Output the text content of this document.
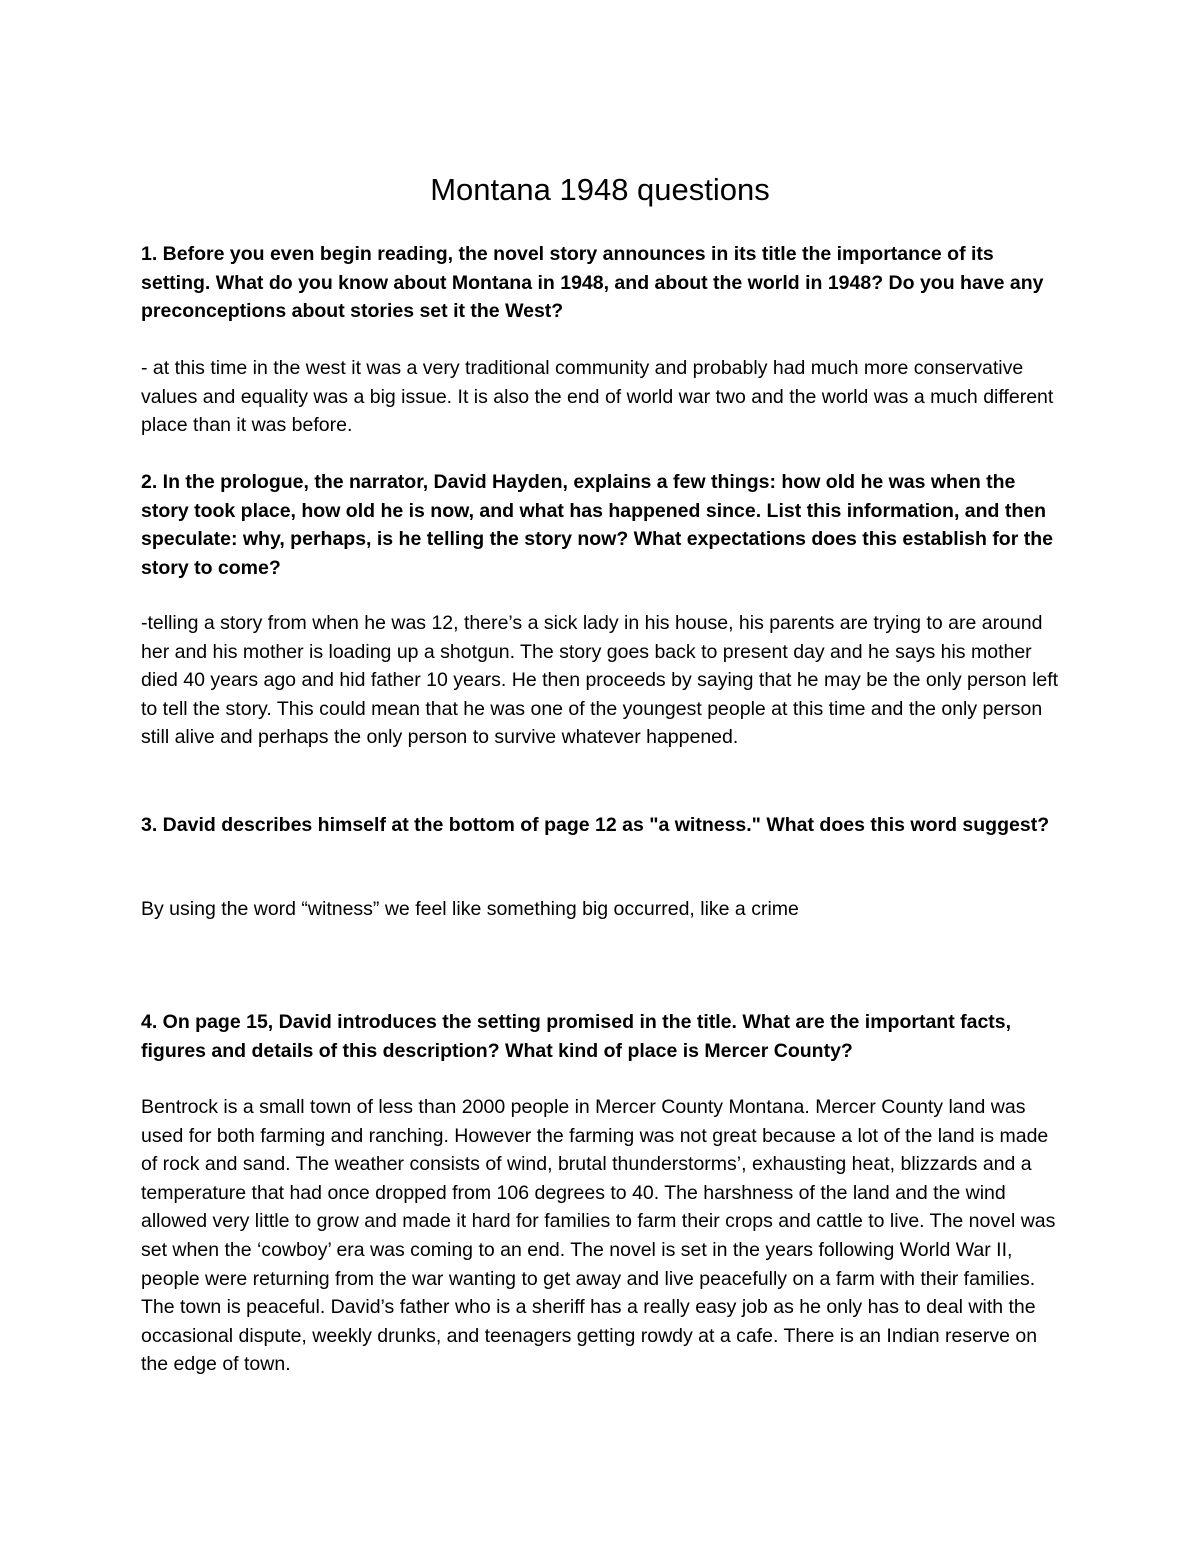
Montana 1948 questions

1. Before you even begin reading, the novel story announces in its title the importance of its setting. What do you know about Montana in 1948, and about the world in 1948? Do you have any preconceptions about stories set it the West?

- at this time in the west it was a very traditional community and probably had much more conservative values and equality was a big issue. It is also the end of world war two and the world was a much different place than it was before.

2. In the prologue, the narrator, David Hayden, explains a few things: how old he was when the story took place, how old he is now, and what has happened since. List this information, and then speculate: why, perhaps, is he telling the story now? What expectations does this establish for the story to come?

-telling a story from when he was 12, there’s a sick lady in his house, his parents are trying to are around her and his mother is loading up a shotgun. The story goes back to present day and he says his mother died 40 years ago and hid father 10 years. He then proceeds by saying that he may be the only person left to tell the story. This could mean that he was one of the youngest people at this time and the only person still alive and perhaps the only person to survive whatever happened.

3. David describes himself at the bottom of page 12 as "a witness." What does this word suggest?

By using the word “witness” we feel like something big occurred, like a crime

4. On page 15, David introduces the setting promised in the title. What are the important facts, figures and details of this description? What kind of place is Mercer County?

Bentrock is a small town of less than 2000 people in Mercer County Montana. Mercer County land was used for both farming and ranching. However the farming was not great because a lot of the land is made of rock and sand. The weather consists of wind, brutal thunderstorms’, exhausting heat, blizzards and a temperature that had once dropped from 106 degrees to 40. The harshness of the land and the wind allowed very little to grow and made it hard for families to farm their crops and cattle to live. The novel was set when the ‘cowboy’ era was coming to an end. The novel is set in the years following World War II, people were returning from the war wanting to get away and live peacefully on a farm with their families. The town is peaceful. David’s father who is a sheriff has a really easy job as he only has to deal with the occasional dispute, weekly drunks, and teenagers getting rowdy at a cafe. There is an Indian reserve on the edge of town.
